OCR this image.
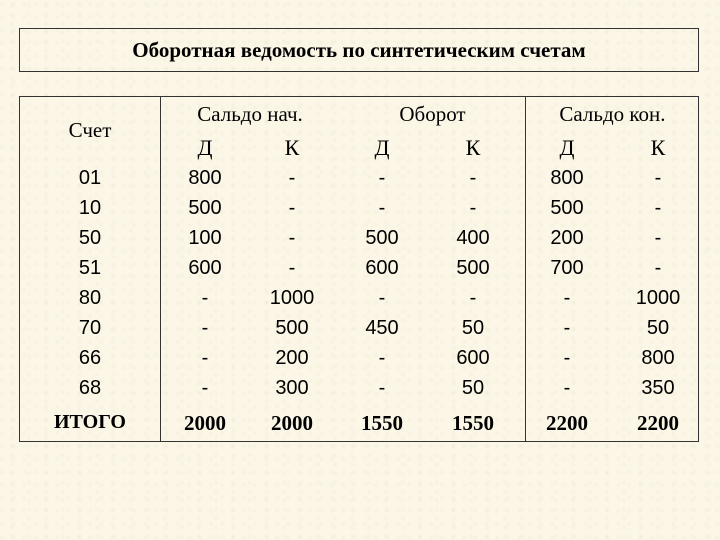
Оборотная ведомость по синтетическим счетам
Счет
Сальдо нач.	Оборот	Сальдо кон.
Д	К	Д	К	Д	К
01	800	-	-	-	800	-
10	500	-	-	-	500	-
50	100	-	500	400	200	-
51	600	-	600	500	700	-
80	-	1000	-	-	-	1000
70	-	500	450	50	-	50
66	-	200	-	600	-	800
68	-	300	-	50	-	350
ИТОГО	2000	2000	1550	1550	2200	2200
